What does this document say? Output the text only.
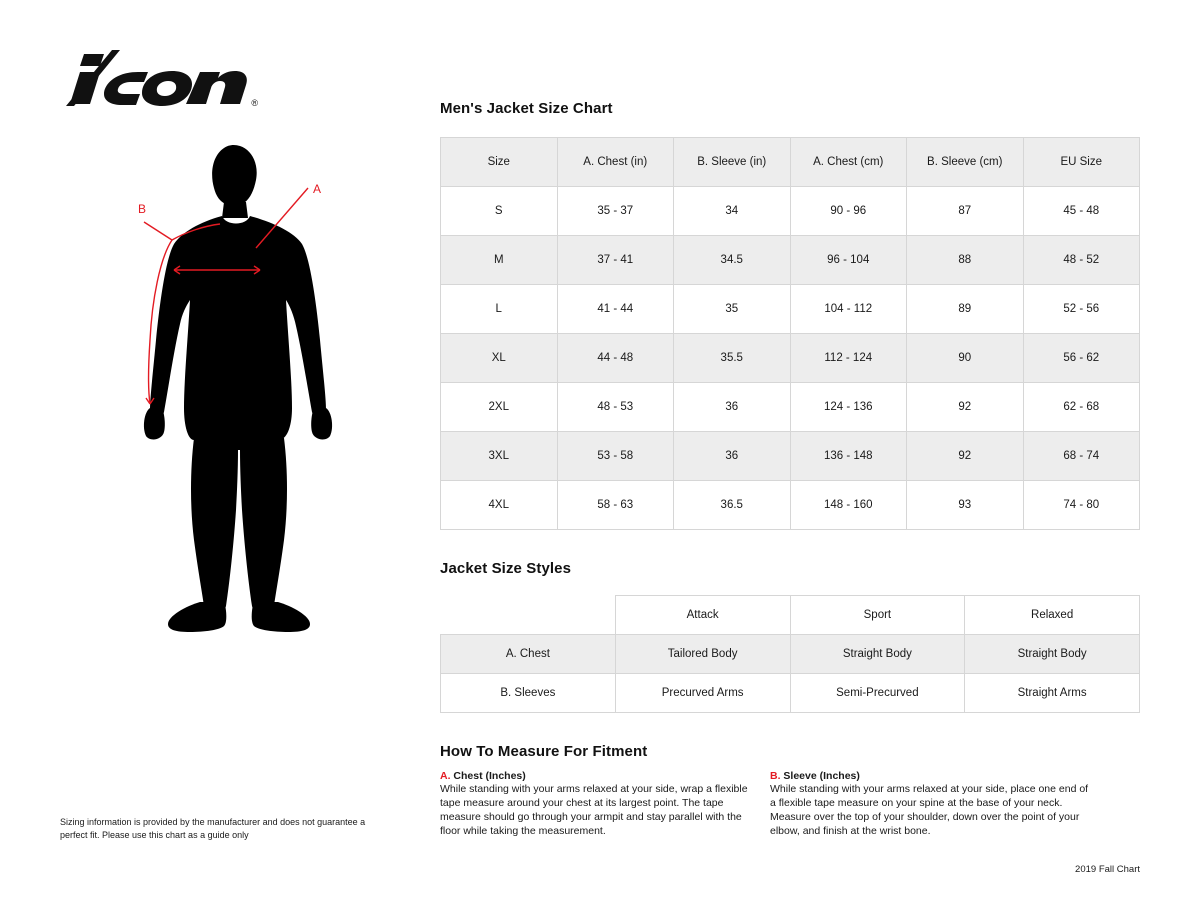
®
A
B
Men's Jacket Size Chart
Size	A. Chest (in)	B. Sleeve (in)	A. Chest (cm)	B. Sleeve (cm)	EU Size
S	35 - 37	34	90 - 96	87	45 - 48
M	37 - 41	34.5	96 - 104	88	48 - 52
L	41 - 44	35	104 - 112	89	52 - 56
XL	44 - 48	35.5	112 - 124	90	56 - 62
2XL	48 - 53	36	124 - 136	92	62 - 68
3XL	53 - 58	36	136 - 148	92	68 - 74
4XL	58 - 63	36.5	148 - 160	93	74 - 80
Jacket Size Styles
	Attack	Sport	Relaxed
A. Chest	Tailored Body	Straight Body	Straight Body
B. Sleeves	Precurved Arms	Semi-Precurved	Straight Arms
How To Measure For Fitment
A. Chest (Inches)
While standing with your arms relaxed at your side, wrap a flexible tape measure around your chest at its largest point. The tape measure should go through your armpit and stay parallel with the floor while taking the measurement.
B. Sleeve (Inches)
While standing with your arms relaxed at your side, place one end of a flexible tape measure on your spine at the base of your neck. Measure over the top of your shoulder, down over the point of your elbow, and finish at the wrist bone.
Sizing information is provided by the manufacturer and does not guarantee a perfect fit. Please use this chart as a guide only
2019 Fall Chart
